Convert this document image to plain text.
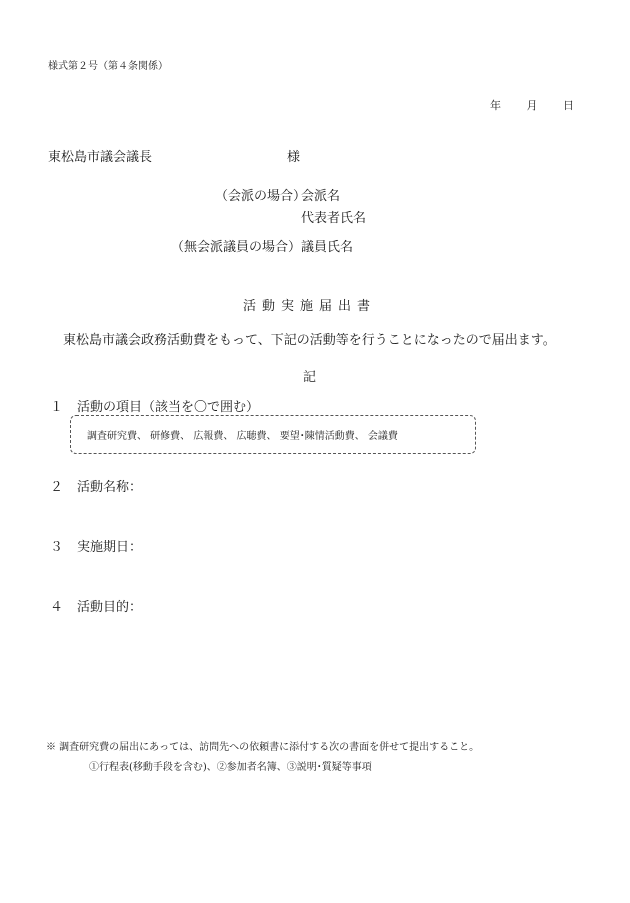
様式第２号（第４条関係）
年 月 日
東松島市議会議長	様
（会派の場合）
会派名
代表者氏名
（無会派議員の場合） 議員氏名
活動実施届出書
東松島市議会政務活動費をもって、下記の活動等を行うことになったので届出ます。
記
１ 活動の項目（該当を〇で囲む）
調査研究費、 研修費、 広報費、 広聴費、 要望･陳情活動費、 会議費
２ 活動名称：
３ 実施期日：
４ 活動目的：
※ 調査研究費の届出にあっては、訪問先への依頼書に添付する次の書面を併せて提出すること。
①行程表(移動手段を含む)、②参加者名簿、③説明･質疑等事項
